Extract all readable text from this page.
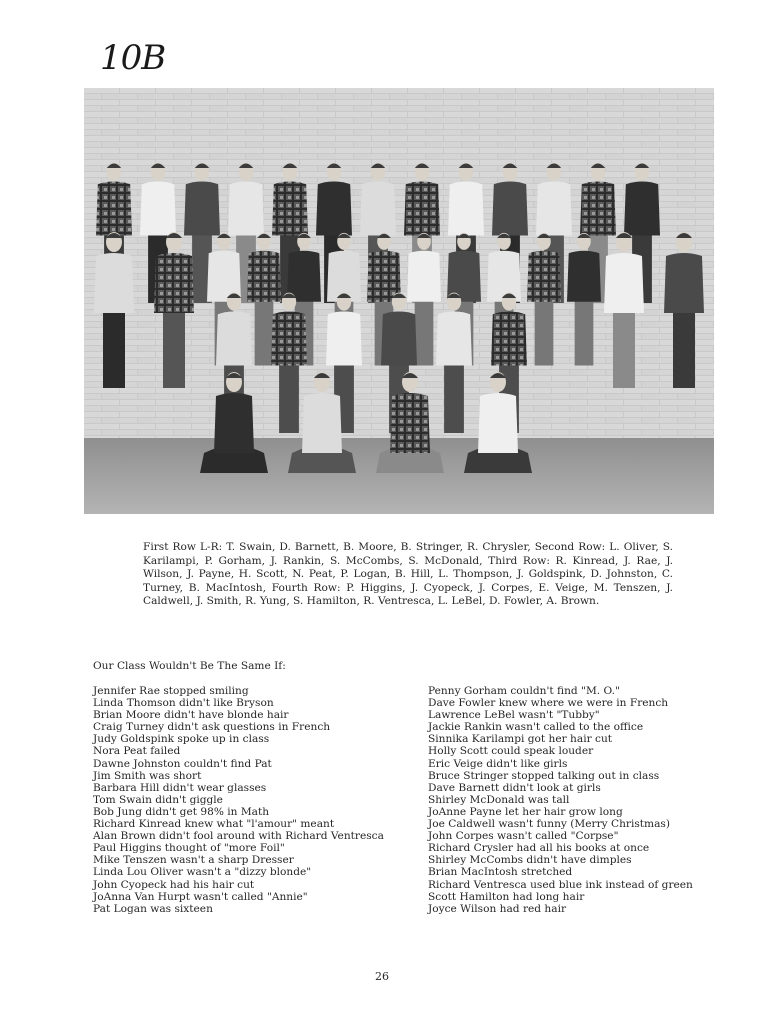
10B
First Row L-R: T. Swain, D. Barnett, B. Moore, B. Stringer, R. Chrysler, Second Row: L. Oliver, S. Karilampi, P. Gorham, J. Rankin, S. McCombs, S. McDonald, Third Row: R. Kinread, J. Rae, J. Wilson, J. Payne, H. Scott, N. Peat, P. Logan, B. Hill, L. Thompson, J. Goldspink, D. Johnston, C. Turney, B. MacIntosh, Fourth Row: P. Higgins, J. Cyopeck, J. Corpes, E. Veige, M. Tenszen, J. Caldwell, J. Smith, R. Yung, S. Hamilton, R. Ventresca, L. LeBel, D. Fowler, A. Brown.
Our Class Wouldn't Be The Same If:
Jennifer Rae stopped smiling
Linda Thomson didn't like Bryson
Brian Moore didn't have blonde hair
Craig Turney didn't ask questions in French
Judy Goldspink spoke up in class
Nora Peat failed
Dawne Johnston couldn't find Pat
Jim Smith was short
Barbara Hill didn't wear glasses
Tom Swain didn't giggle
Bob Jung didn't get 98% in Math
Richard Kinread knew what "l'amour" meant
Alan Brown didn't fool around with Richard Ventresca
Paul Higgins thought of "more Foil"
Mike Tenszen wasn't a sharp Dresser
Linda Lou Oliver wasn't a "dizzy blonde"
John Cyopeck had his hair cut
JoAnna Van Hurpt wasn't called "Annie"
Pat Logan was sixteen
Penny Gorham couldn't find "M. O."
Dave Fowler knew where we were in French
Lawrence LeBel wasn't "Tubby"
Jackie Rankin wasn't called to the office
Sinnika Karilampi got her hair cut
Holly Scott could speak louder
Eric Veige didn't like girls
Bruce Stringer stopped talking out in class
Dave Barnett didn't look at girls
Shirley McDonald was tall
JoAnne Payne let her hair grow long
Joe Caldwell wasn't funny (Merry Christmas)
John Corpes wasn't called "Corpse"
Richard Crysler had all his books at once
Shirley McCombs didn't have dimples
Brian MacIntosh stretched
Richard Ventresca used blue ink instead of green
Scott Hamilton had long hair
Joyce Wilson had red hair
26
